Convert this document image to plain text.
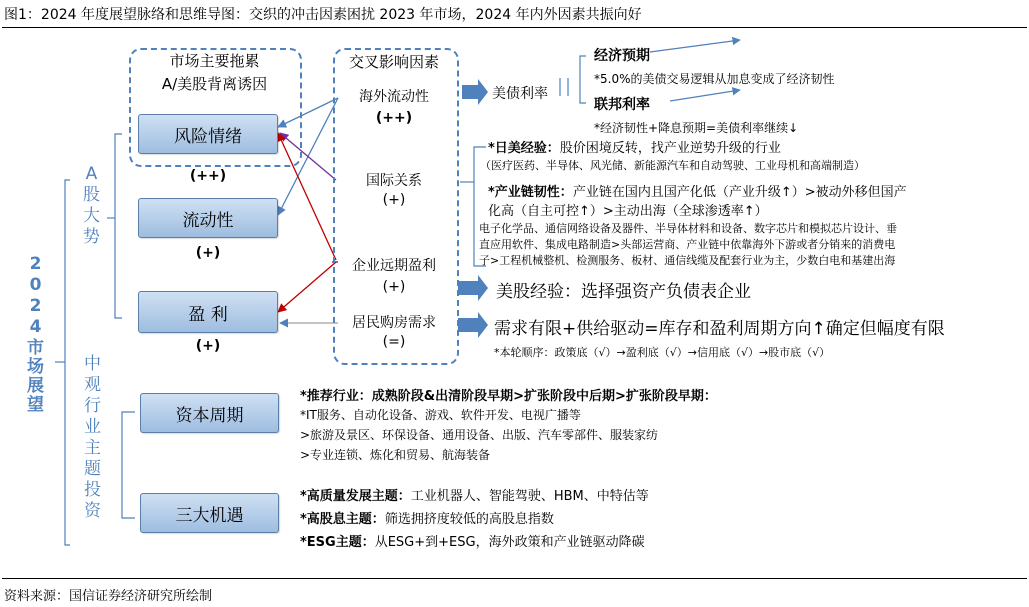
图1：2024 年度展望脉络和思维导图：交织的冲击因素困扰 2023 年市场，2024 年内外因素共振向好
2
0
2
4
市
场
展
望
A
股
大
势
中
观
行
业
主
题
投
资
市场主要拖累
A/美股背离诱因
风险情绪
(++)
流动性
(+)
盈 利
(+)
交叉影响因素
海外流动性
(++)
国际关系
(+)
企业远期盈利
(+)
居民购房需求
(=)
美债利率
经济预期
*5.0%的美债交易逻辑从加息变成了经济韧性
联邦利率
*经济韧性+降息预期=美债利率继续↓
*日美经验：股价困境反转，找产业逆势升级的行业
（医疗医药、半导体、风光储、新能源汽车和自动驾驶、工业母机和高端制造）
*产业链韧性：产业链在国内且国产化低（产业升级↑）>被动外移但国产
化高（自主可控↑）>主动出海（全球渗透率↑）
电子化学品、通信网络设备及器件、半导体材料和设备、数字芯片和模拟芯片设计、垂
直应用软件、集成电路制造>头部运营商、产业链中依靠海外下游或者分销来的消费电
子>工程机械整机、检测服务、板材、通信线缆及配套行业为主，少数白电和基建出海
美股经验：选择强资产负债表企业
需求有限+供给驱动=库存和盈利周期方向↑确定但幅度有限
*本轮顺序：政策底（√）→盈利底（√）→信用底（√）→股市底（√）
资本周期
*推荐行业：成熟阶段&出清阶段早期>扩张阶段中后期>扩张阶段早期：
*IT服务、自动化设备、游戏、软件开发、电视广播等
>旅游及景区、环保设备、通用设备、出版、汽车零部件、服装家纺
>专业连锁、炼化和贸易、航海装备
三大机遇
*高质量发展主题：工业机器人、智能驾驶、HBM、中特估等
*高股息主题：筛选拥挤度较低的高股息指数
*ESG主题：从ESG+到+ESG，海外政策和产业链驱动降碳
资料来源：国信证券经济研究所绘制
